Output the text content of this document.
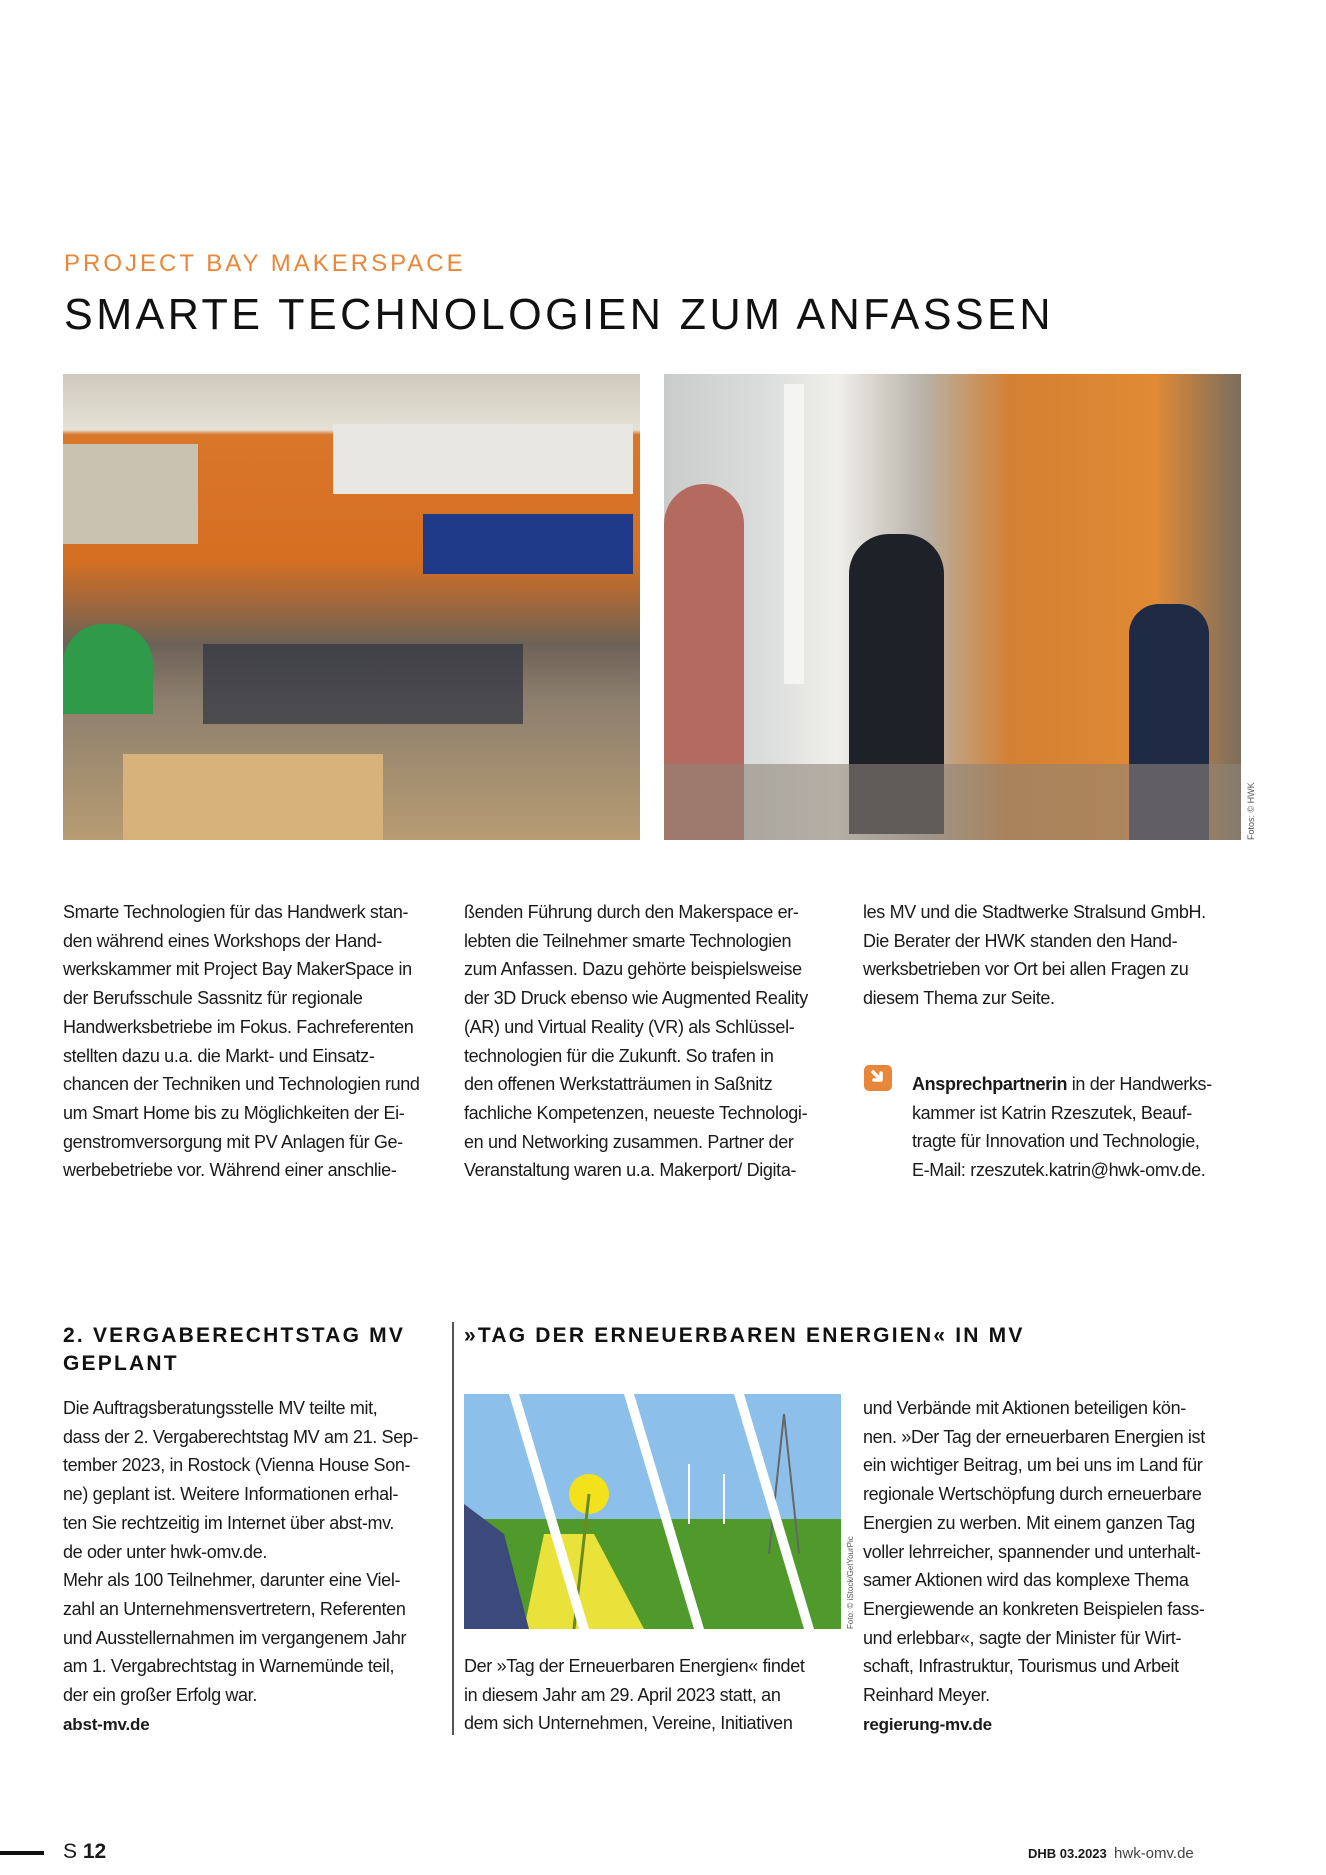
PROJECT BAY MAKERSPACE
SMARTE TECHNOLOGIEN ZUM ANFASSEN
Fotos: © HWK
Smarte Technologien für das Handwerk stan-
den während eines Workshops der Hand-
werkskammer mit Project Bay MakerSpace in
der Berufsschule Sassnitz für regionale
Handwerksbetriebe im Fokus. Fachreferenten
stellten dazu u.a. die Markt- und Einsatz-
chancen der Techniken und Technologien rund
um Smart Home bis zu Möglichkeiten der Ei-
genstromversorgung mit PV Anlagen für Ge-
werbebetriebe vor. Während einer anschlie-
ßenden Führung durch den Makerspace er-
lebten die Teilnehmer smarte Technologien
zum Anfassen. Dazu gehörte beispielsweise
der 3D Druck ebenso wie Augmented Reality
(AR) und Virtual Reality (VR) als Schlüssel-
technologien für die Zukunft. So trafen in
den offenen Werkstatträumen in Saßnitz
fachliche Kompetenzen, neueste Technologi-
en und Networking zusammen. Partner der
Veranstaltung waren u.a. Makerport/ Digita-
les MV und die Stadtwerke Stralsund GmbH.
Die Berater der HWK standen den Hand-
werksbetrieben vor Ort bei allen Fragen zu
diesem Thema zur Seite.
Ansprechpartnerin in der Handwerks-
kammer ist Katrin Rzeszutek, Beauf-
tragte für Innovation und Technologie,
E-Mail: rzeszutek.katrin@hwk-omv.de.
2. VERGABERECHTSTAG MV
GEPLANT
Die Auftragsberatungsstelle MV teilte mit,
dass der 2. Vergaberechtstag MV am 21. Sep-
tember 2023, in Rostock (Vienna House Son-
ne) geplant ist. Weitere Informationen erhal-
ten Sie rechtzeitig im Internet über abst-mv.
de oder unter hwk-omv.de.
Mehr als 100 Teilnehmer, darunter eine Viel-
zahl an Unternehmensvertretern, Referenten
und Ausstellernahmen im vergangenem Jahr
am 1. Vergabrechtstag in Warnemünde teil,
der ein großer Erfolg war.
abst-mv.de
»TAG DER ERNEUERBAREN ENERGIEN« IN MV
Foto: © iStock/GetYourPic
Der »Tag der Erneuerbaren Energien« findet
in diesem Jahr am 29. April 2023 statt, an
dem sich Unternehmen, Vereine, Initiativen
und Verbände mit Aktionen beteiligen kön-
nen. »Der Tag der erneuerbaren Energien ist
ein wichtiger Beitrag, um bei uns im Land für
regionale Wertschöpfung durch erneuerbare
Energien zu werben. Mit einem ganzen Tag
voller lehrreicher, spannender und unterhalt-
samer Aktionen wird das komplexe Thema
Energiewende an konkreten Beispielen fass-
und erlebbar«, sagte der Minister für Wirt-
schaft, Infrastruktur, Tourismus und Arbeit
Reinhard Meyer.
regierung-mv.de
S 12	DHB 03.2023 hwk-omv.de
